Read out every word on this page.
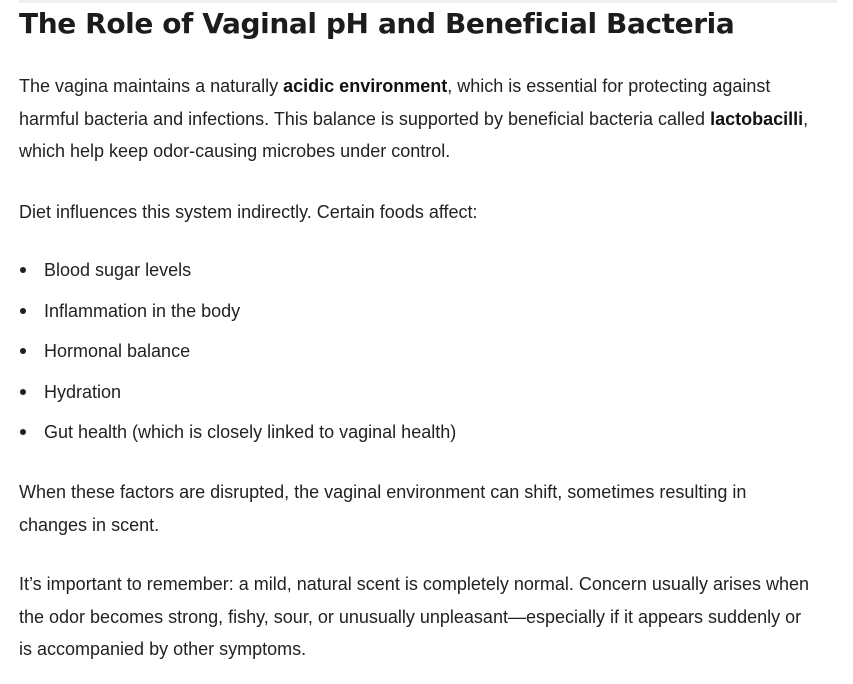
The Role of Vaginal pH and Beneficial Bacteria

The vagina maintains a naturally acidic environment, which is essential for protecting against harmful bacteria and infections. This balance is supported by beneficial bacteria called lactobacilli, which help keep odor-causing microbes under control.

Diet influences this system indirectly. Certain foods affect:

Blood sugar levels
Inflammation in the body
Hormonal balance
Hydration
Gut health (which is closely linked to vaginal health)

When these factors are disrupted, the vaginal environment can shift, sometimes resulting in changes in scent.

It’s important to remember: a mild, natural scent is completely normal. Concern usually arises when the odor becomes strong, fishy, sour, or unusually unpleasant—especially if it appears suddenly or is accompanied by other symptoms.
